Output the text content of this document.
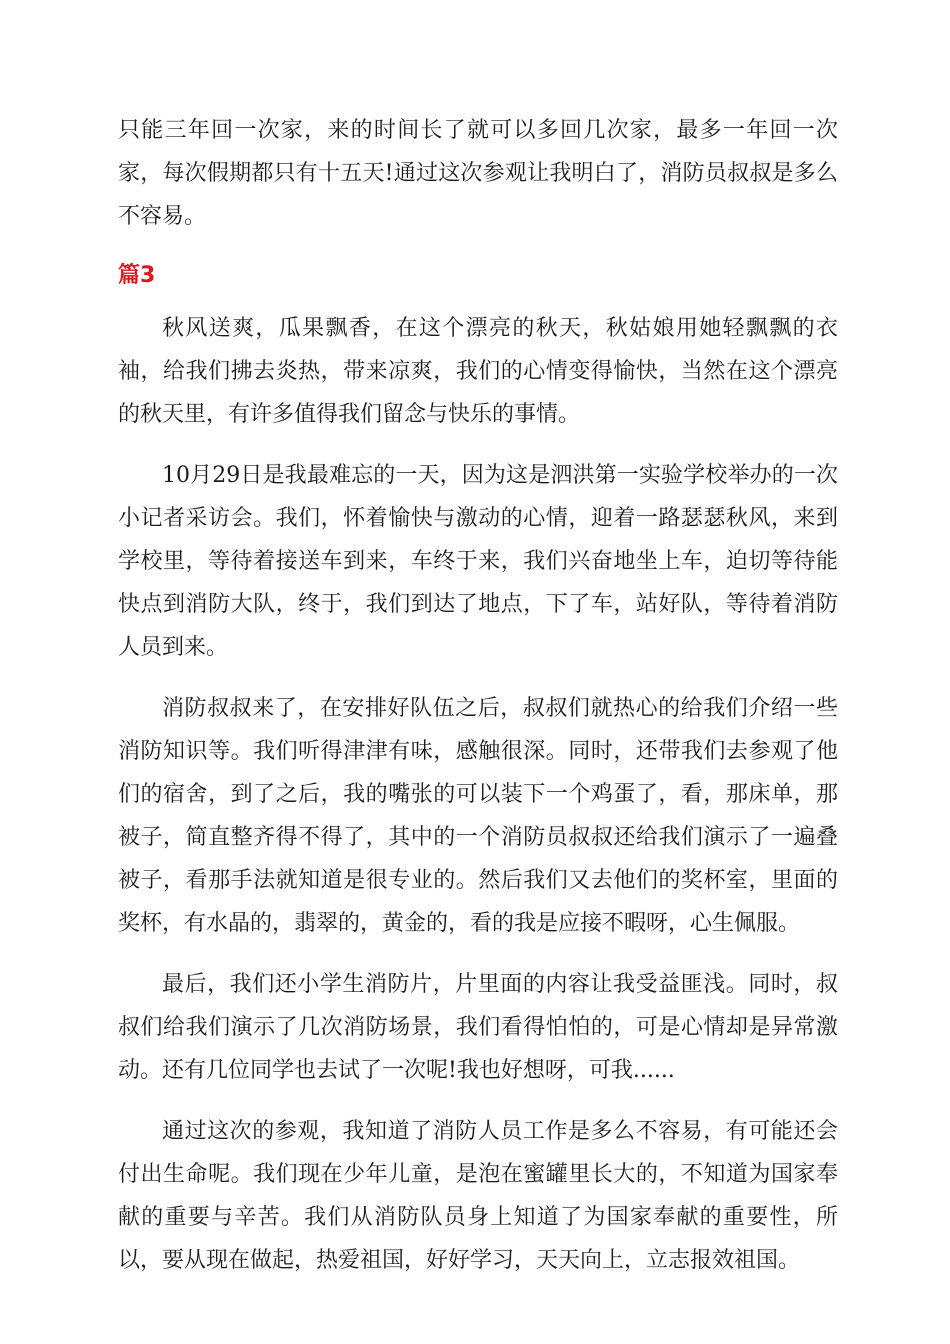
只能三年回一次家，来的时间长了就可以多回几次家，最多一年回一次家，每次假期都只有十五天!通过这次参观让我明白了，消防员叔叔是多么不容易。

篇3

秋风送爽，瓜果飘香，在这个漂亮的秋天，秋姑娘用她轻飘飘的衣袖，给我们拂去炎热，带来凉爽，我们的心情变得愉快，当然在这个漂亮的秋天里，有许多值得我们留念与快乐的事情。

10月29日是我最难忘的一天，因为这是泗洪第一实验学校举办的一次小记者采访会。我们，怀着愉快与激动的心情，迎着一路瑟瑟秋风，来到学校里，等待着接送车到来，车终于来，我们兴奋地坐上车，迫切等待能快点到消防大队，终于，我们到达了地点，下了车，站好队，等待着消防人员到来。

消防叔叔来了，在安排好队伍之后，叔叔们就热心的给我们介绍一些消防知识等。我们听得津津有味，感触很深。同时，还带我们去参观了他们的宿舍，到了之后，我的嘴张的可以装下一个鸡蛋了，看，那床单，那被子，简直整齐得不得了，其中的一个消防员叔叔还给我们演示了一遍叠被子，看那手法就知道是很专业的。然后我们又去他们的奖杯室，里面的奖杯，有水晶的，翡翠的，黄金的，看的我是应接不暇呀，心生佩服。

最后，我们还小学生消防片，片里面的内容让我受益匪浅。同时，叔叔们给我们演示了几次消防场景，我们看得怕怕的，可是心情却是异常激动。还有几位同学也去试了一次呢!我也好想呀，可我......

通过这次的参观，我知道了消防人员工作是多么不容易，有可能还会付出生命呢。我们现在少年儿童，是泡在蜜罐里长大的，不知道为国家奉献的重要与辛苦。我们从消防队员身上知道了为国家奉献的重要性，所以，要从现在做起，热爱祖国，好好学习，天天向上，立志报效祖国。
